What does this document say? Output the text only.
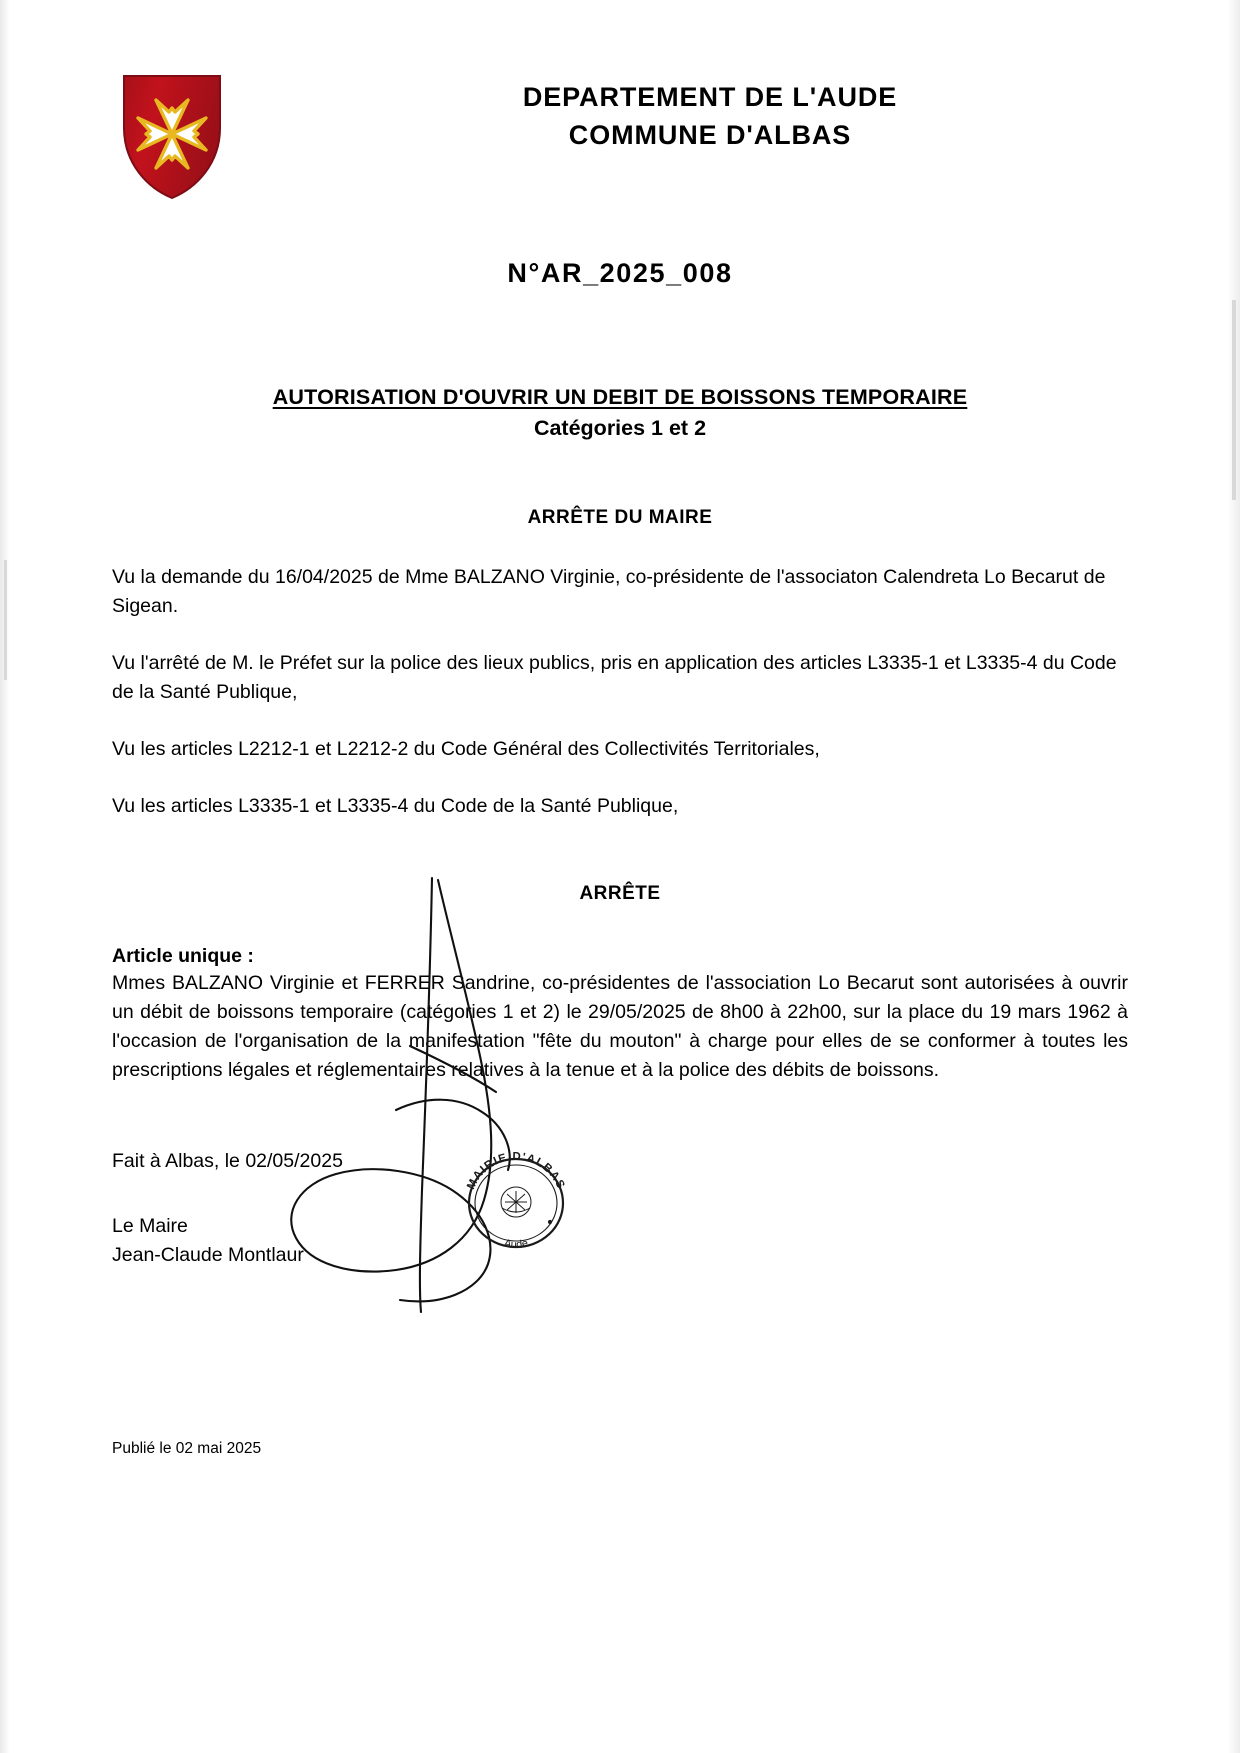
DEPARTEMENT DE L'AUDE
COMMUNE D'ALBAS
N°AR_2025_008
AUTORISATION D'OUVRIR UN DEBIT DE BOISSONS TEMPORAIRE
Catégories 1 et 2
ARRÊTE DU MAIRE
Vu la demande du 16/04/2025 de Mme BALZANO Virginie, co-présidente de l'associaton Calendreta Lo Becarut de Sigean.
Vu l'arrêté de M. le Préfet sur la police des lieux publics, pris en application des articles L3335-1 et L3335-4 du Code de la Santé Publique,
Vu les articles L2212-1 et L2212-2 du Code Général des Collectivités Territoriales,
Vu les articles L3335-1 et L3335-4 du Code de la Santé Publique,
ARRÊTE
Article unique :
Mmes BALZANO Virginie et FERRER Sandrine, co-présidentes de l'association Lo Becarut sont autorisées à ouvrir un débit de boissons temporaire (catégories 1 et 2) le 29/05/2025 de 8h00 à 22h00, sur la place du 19 mars 1962 à l'occasion de l'organisation de la manifestation "fête du mouton" à charge pour elles de se conformer à toutes les prescriptions légales et réglementaires relatives à la tenue et à la police des débits de boissons.
Fait à Albas, le 02/05/2025
Le Maire
Jean-Claude Montlaur
Publié le 02 mai 2025
MAIRIE D'ALBAS
Aude
